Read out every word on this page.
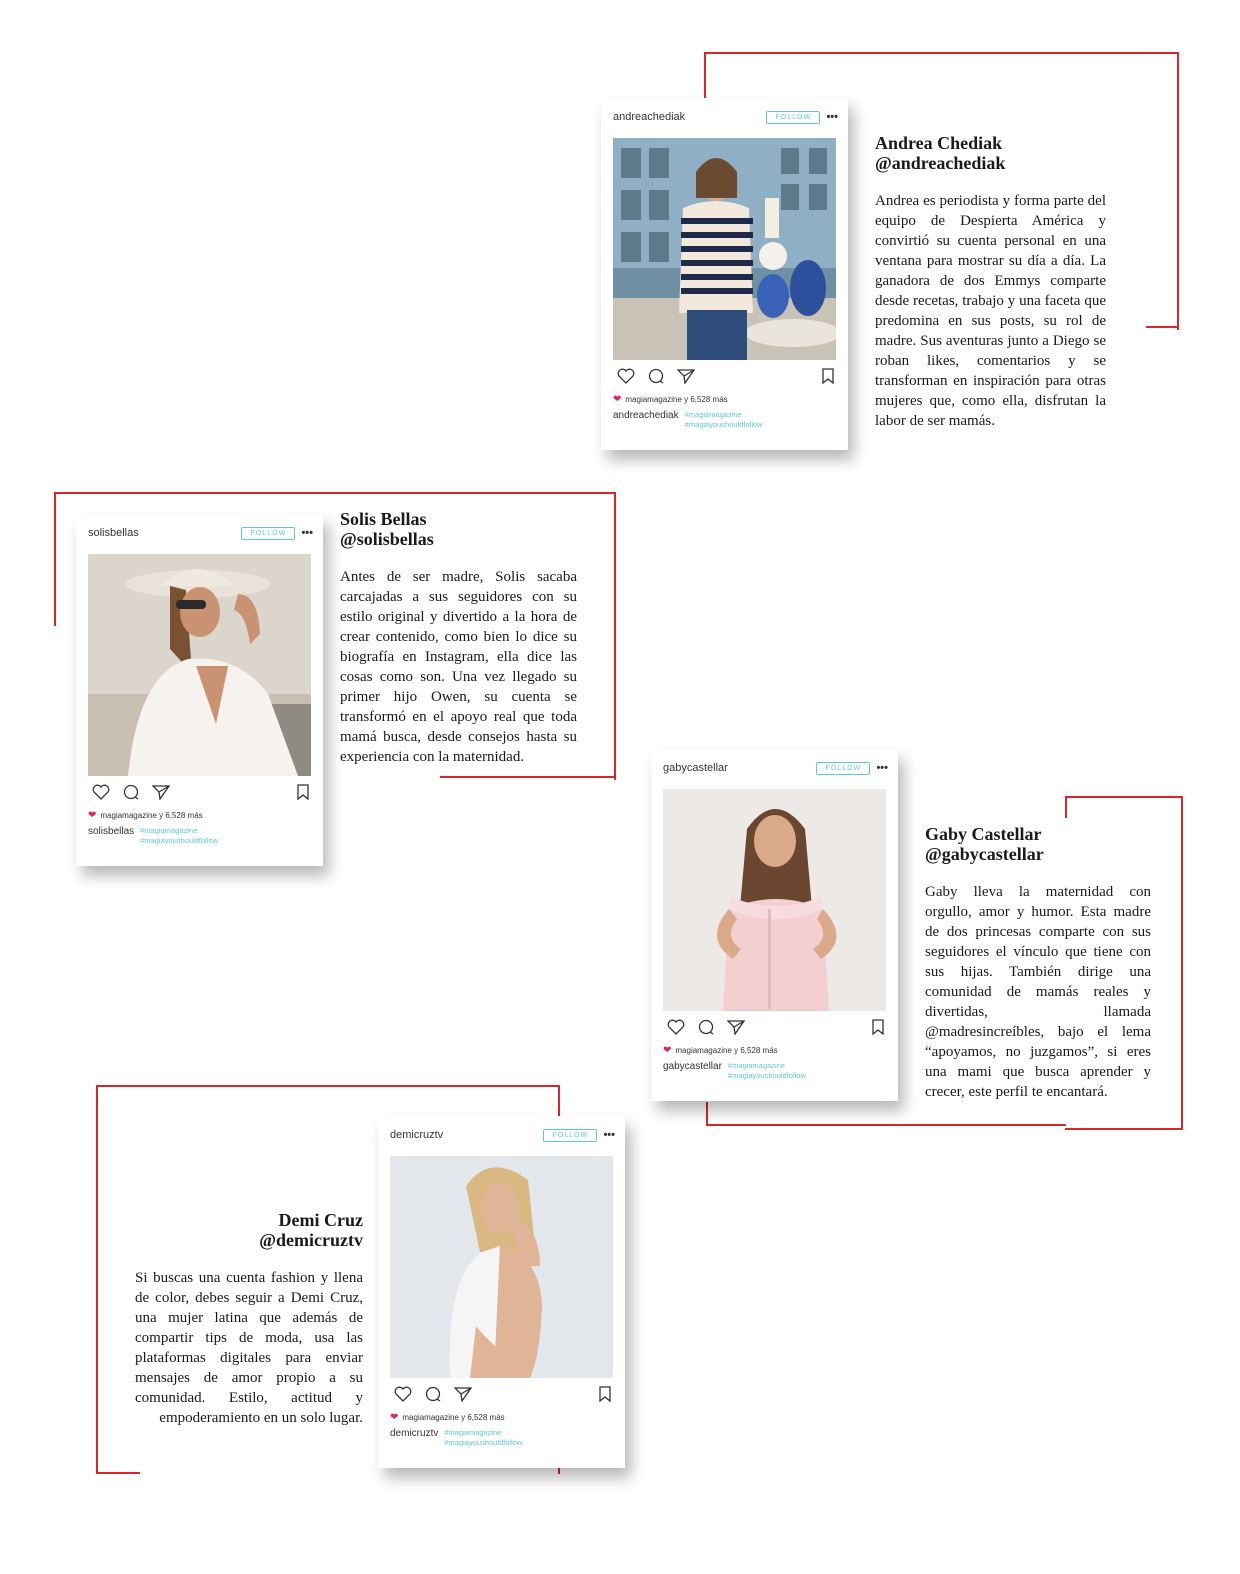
andreachediak	FOLLOW	•••
❤ magiamagazine y 6,528 más
andreachediak #magiamagazine
#magiayoushouldfollow

Andrea Chediak

@andreachediak

Andrea es periodista y forma parte del equipo de Despierta América y convirtió su cuenta personal en una ventana para mostrar su día a día. La ganadora de dos Emmys comparte desde recetas, trabajo y una faceta que predomina en sus posts, su rol de madre. Sus aventuras junto a Diego se roban likes, comentarios y se transforman en inspiración para otras mujeres que, como ella, disfrutan la labor de ser mamás.

solisbellas	FOLLOW	•••
❤ magiamagazine y 6,528 más
solisbellas #magiamagazine
#magiayoushouldfollow

Solis Bellas

@solisbellas

Antes de ser madre, Solis sacaba carcajadas a sus seguidores con su estilo original y divertido a la hora de crear contenido, como bien lo dice su biografía en Instagram, ella dice las cosas como son. Una vez llegado su primer hijo Owen, su cuenta se transformó en el apoyo real que toda mamá busca, desde consejos hasta su experiencia con la maternidad.

gabycastellar	FOLLOW	•••
❤ magiamagazine y 6,528 más
gabycastellar #magiamagazine
#magiayoushouldfollow

Gaby Castellar

@gabycastellar

Gaby lleva la maternidad con orgullo, amor y humor. Esta madre de dos princesas comparte con sus seguidores el vínculo que tiene con sus hijas. También dirige una comunidad de mamás reales y divertidas, llamada @madresincreíbles, bajo el lema “apoyamos, no juzgamos”, si eres una mami que busca aprender y crecer, este perfil te encantará.

demicruztv	FOLLOW	•••
❤ magiamagazine y 6,528 más
demicruztv #magiamagazine
#magiayoushouldfollow

Demi Cruz

@demicruztv

Si buscas una cuenta fashion y llena de color, debes seguir a Demi Cruz, una mujer latina que además de compartir tips de moda, usa las plataformas digitales para enviar mensajes de amor propio a su comunidad. Estilo, actitud y empoderamiento en un solo lugar.
